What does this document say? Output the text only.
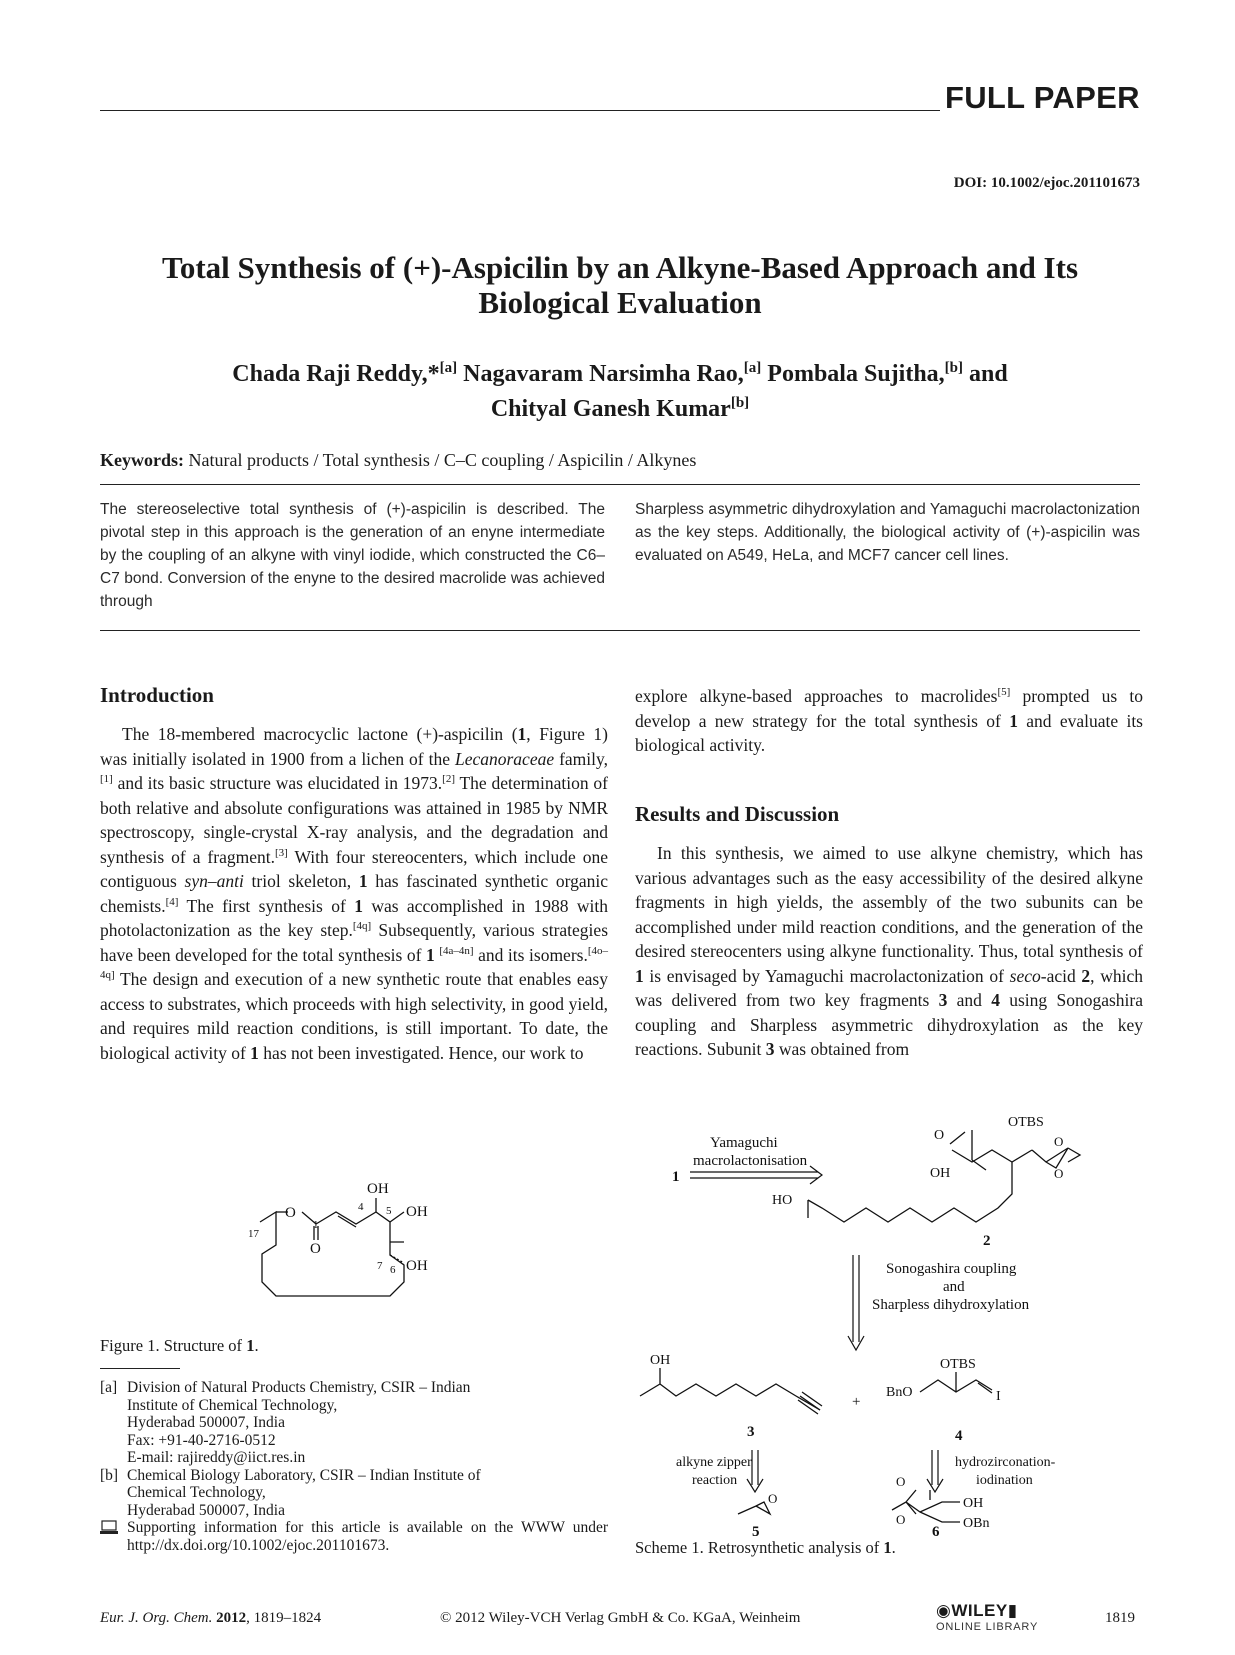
FULL PAPER
DOI: 10.1002/ejoc.201101673
Total Synthesis of (+)-Aspicilin by an Alkyne-Based Approach and Its
Biological Evaluation
Chada Raji Reddy,*[a] Nagavaram Narsimha Rao,[a] Pombala Sujitha,[b] and
Chityal Ganesh Kumar[b]
Keywords: Natural products / Total synthesis / C–C coupling / Aspicilin / Alkynes
The stereoselective total synthesis of (+)-aspicilin is described. The pivotal step in this approach is the generation of an enyne intermediate by the coupling of an alkyne with vinyl iodide, which constructed the C6–C7 bond. Conversion of the enyne to the desired macrolide was achieved through
Sharpless asymmetric dihydroxylation and Yamaguchi macrolactonization as the key steps. Additionally, the biological activity of (+)-aspicilin was evaluated on A549, HeLa, and MCF7 cancer cell lines.
Introduction

The 18-membered macrocyclic lactone (+)-aspicilin (1, Figure 1) was initially isolated in 1900 from a lichen of the Lecanoraceae family,[1] and its basic structure was elucidated in 1973.[2] The determination of both relative and absolute configurations was attained in 1985 by NMR spectroscopy, single-crystal X-ray analysis, and the degradation and synthesis of a fragment.[3] With four stereocenters, which include one contiguous syn–anti triol skeleton, 1 has fascinated synthetic organic chemists.[4] The first synthesis of 1 was accomplished in 1988 with photolactonization as the key step.[4q] Subsequently, various strategies have been developed for the total synthesis of 1 [4a–4n] and its isomers.[4o–4q] The design and execution of a new synthetic route that enables easy access to substrates, which proceeds with high selectivity, in good yield, and requires mild reaction conditions, is still important. To date, the biological activity of 1 has not been investigated. Hence, our work to

O
O
OH
OH
OH
1
4 5
6
7
17
Figure 1. Structure of 1.
[a] Division of Natural Products Chemistry, CSIR – Indian
Institute of Chemical Technology,
Hyderabad 500007, India
Fax: +91-40-2716-0512
E-mail: rajireddy@iict.res.in
[b] Chemical Biology Laboratory, CSIR – Indian Institute of
Chemical Technology,
Hyderabad 500007, India
Supporting information for this article is available on the WWW under http://dx.doi.org/10.1002/ejoc.201101673.

explore alkyne-based approaches to macrolides[5] prompted us to develop a new strategy for the total synthesis of 1 and evaluate its biological activity.

Results and Discussion

In this synthesis, we aimed to use alkyne chemistry, which has various advantages such as the easy accessibility of the desired alkyne fragments in high yields, the assembly of the two subunits can be accomplished under mild reaction conditions, and the generation of the desired stereocenters using alkyne functionality. Thus, total synthesis of 1 is envisaged by Yamaguchi macrolactonization of seco-acid 2, which was delivered from two key fragments 3 and 4 using Sonogashira coupling and Sharpless asymmetric dihydroxylation as the key reactions. Subunit 3 was obtained from

Yamaguchi
macrolactonisation
1
O
OH
OTBS
O
O
HO
2
Sonogashira coupling
and
Sharpless dihydroxylation
OH
3
+
BnO
OTBS
I
4
alkyne zipper
reaction
hydrozirconation-
iodination
O
5
O
O
OH
OBn
6
Scheme 1. Retrosynthetic analysis of 1.
Eur. J. Org. Chem. 2012, 1819–1824	© 2012 Wiley-VCH Verlag GmbH & Co. KGaA, Weinheim	◉WILEY▮
ONLINE LIBRARY
1819
